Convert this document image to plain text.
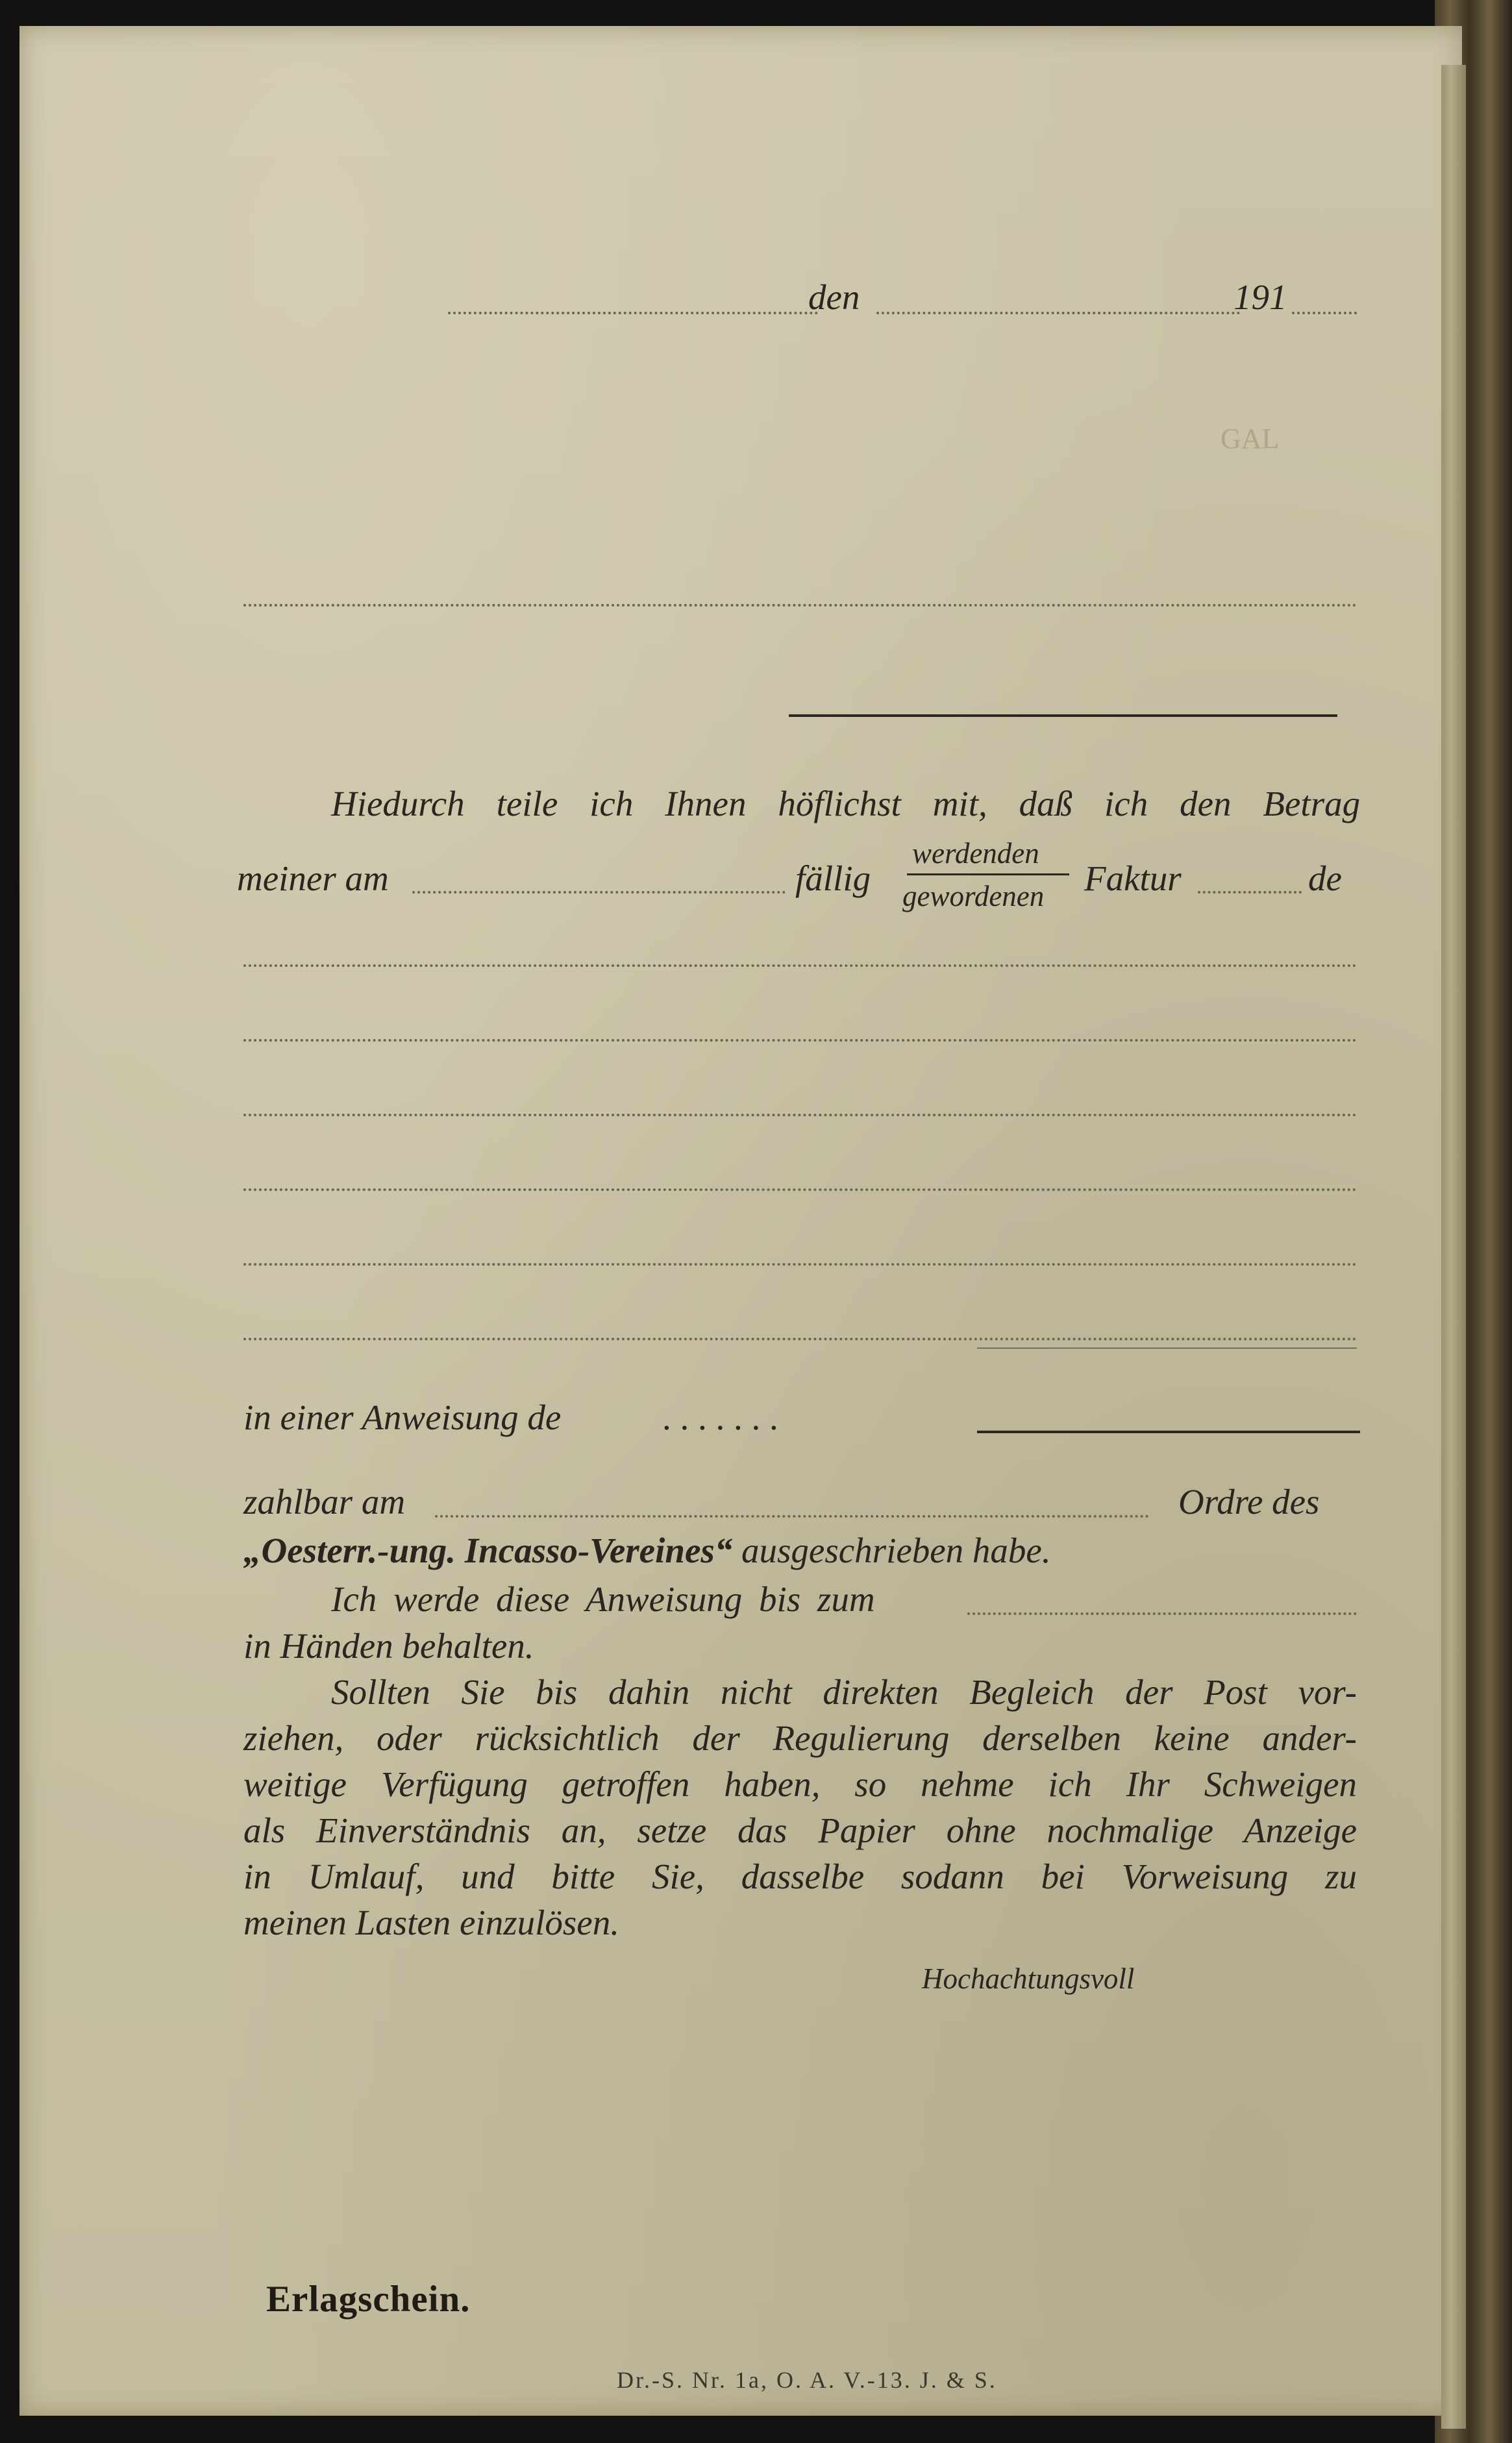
den	191
GAL
Hiedurch teile ich Ihnen höflichst mit, daß ich den Betrag
meiner am	fällig
werdenden
gewordenen Faktur	de
in einer Anweisung de	. . . . . . .
zahlbar am	Ordre des
„Oesterr.-ung. Incasso-Vereines“ ausgeschrieben habe.
Ich werde diese Anweisung bis zum
in Händen behalten.
Sollten Sie bis dahin nicht direkten Begleich der Post vor-
ziehen, oder rücksichtlich der Regulierung derselben keine ander-
weitige Verfügung getroffen haben, so nehme ich Ihr Schweigen
als Einverständnis an, setze das Papier ohne nochmalige Anzeige
in Umlauf, und bitte Sie, dasselbe sodann bei Vorweisung zu
meinen Lasten einzulösen.
Hochachtungsvoll
Erlagschein.
Dr.-S. Nr. 1a, O. A. V.-13. J. & S.
